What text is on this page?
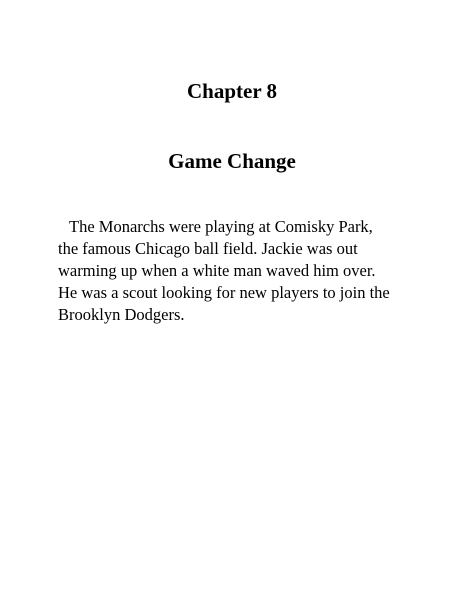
Chapter 8
Game Change

The Monarchs were playing at Comisky Park,
the famous Chicago ball field. Jackie was out
warming up when a white man waved him over.
He was a scout looking for new players to join the
Brooklyn Dodgers.
